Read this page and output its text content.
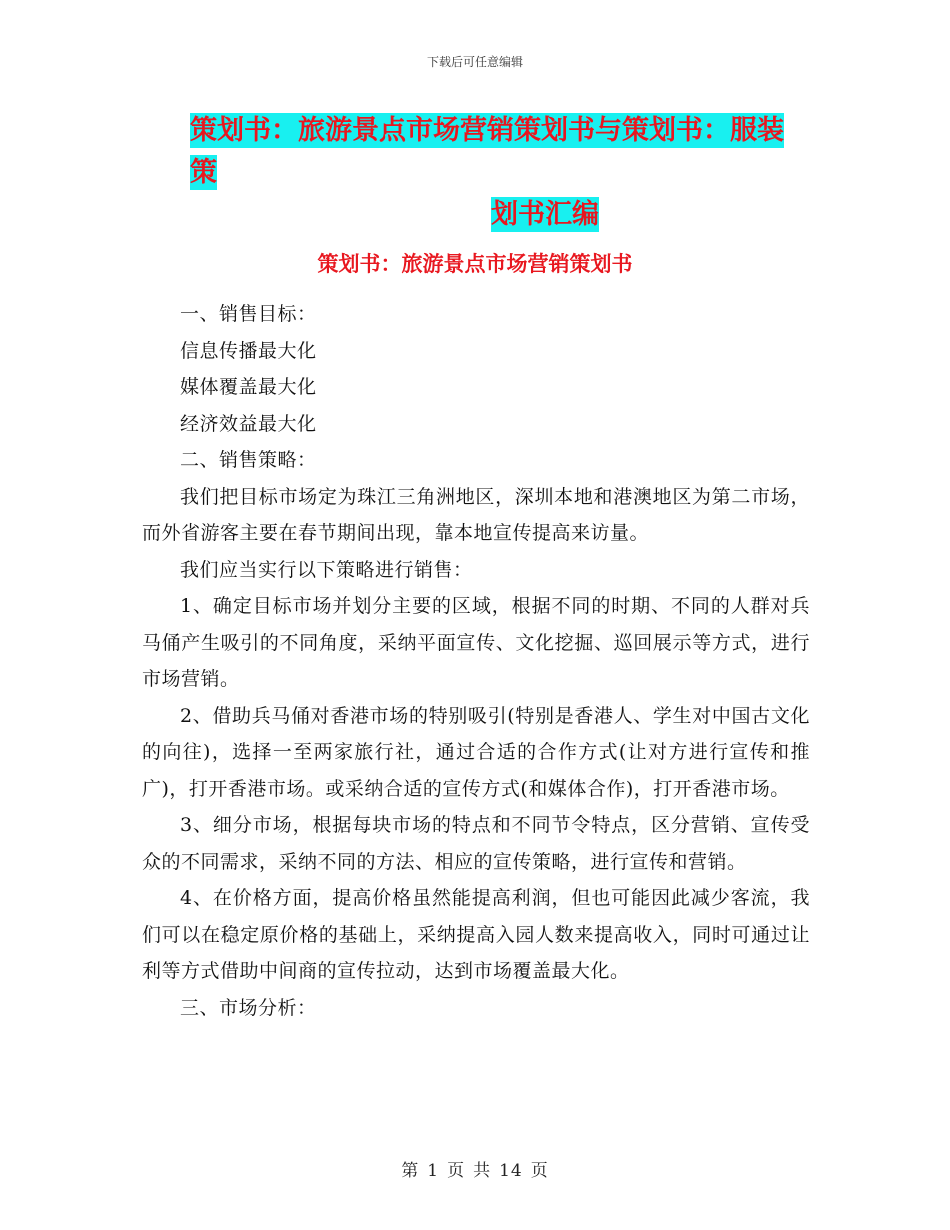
下载后可任意编辑
策划书：旅游景点市场营销策划书与策划书：服装策
划书汇编
策划书：旅游景点市场营销策划书

一、销售目标：

信息传播最大化

媒体覆盖最大化

经济效益最大化

二、销售策略：

我们把目标市场定为珠江三角洲地区，深圳本地和港澳地区为第二市场，而外省游客主要在春节期间出现，靠本地宣传提高来访量。

我们应当实行以下策略进行销售：

1、确定目标市场并划分主要的区域，根据不同的时期、不同的人群对兵马俑产生吸引的不同角度，采纳平面宣传、文化挖掘、巡回展示等方式，进行市场营销。

2、借助兵马俑对香港市场的特别吸引(特别是香港人、学生对中国古文化的向往)，选择一至两家旅行社，通过合适的合作方式(让对方进行宣传和推广)，打开香港市场。或采纳合适的宣传方式(和媒体合作)，打开香港市场。

3、细分市场，根据每块市场的特点和不同节令特点，区分营销、宣传受众的不同需求，采纳不同的方法、相应的宣传策略，进行宣传和营销。

4、在价格方面，提高价格虽然能提高利润，但也可能因此减少客流，我们可以在稳定原价格的基础上，采纳提高入园人数来提高收入，同时可通过让利等方式借助中间商的宣传拉动，达到市场覆盖最大化。

三、市场分析：

第 1 页 共 14 页
